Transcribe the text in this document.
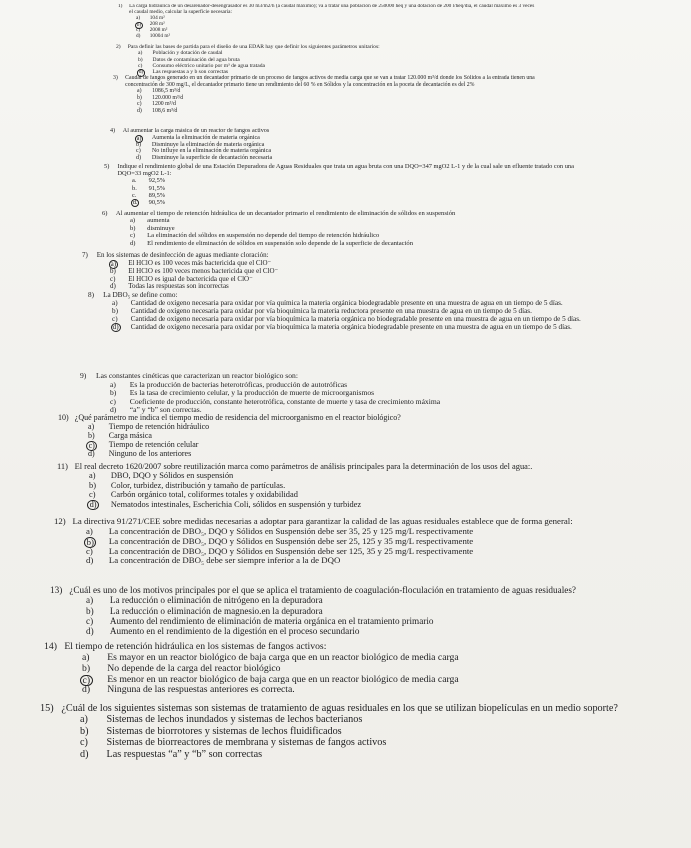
1) La carga hidráulica de un desarenador-desengrasador es 30 m3/m2/h (a caudal máximo); va a tratar una población de 250000 heq y una dotación de 200 l/heq/día, el caudal máximo es 3 veces el caudal medio, calcular la superficie necesaria:
a) 104 m²
b)	208 m²
c) 2008 m²
d) 10004 m²
2) Para definir las bases de partida para el diseño de una EDAR hay que definir los siguientes parámetros unitarios:
a) Población y dotación de caudal
b) Datos de contaminación del agua bruta
c) Consumo eléctrico unitario por m³ de agua tratada
d)	Las respuestas a y b son correctas
3) Caudal de fangos generado en un decantador primario de un proceso de fangos activos de media carga que se van a tratar 120.000 m³/d donde los Sólidos a la entrada tienen una concentración de 300 mg/L, el decantador primario tiene un rendimiento del 60 % en Sólidos y la concentración en la poceta de decantación es del 2%
a) 1086,5 m³/d
b) 120.000 m³/d
c) 1200 m³/d
d) 108,6 m³/d
4) Al aumentar la carga másica de un reactor de fangos activos
a)	Aumenta la eliminación de materia orgánica
b) Disminuye la eliminación de materia orgánica
c) No influye en la eliminación de materia orgánica
d) Disminuye la superficie de decantación necesaria
5) Indique el rendimiento global de una Estación Depuradora de Aguas Residuales que trata un agua bruta con una DQO=347 mgO2 L-1 y de la cual sale un efluente tratado con una DQO=33 mgO2 L-1:
a. 92,5%
b. 91,5%
c. 89,5%
d.	90,5%
6) Al aumentar el tiempo de retención hidráulica de un decantador primario el rendimiento de eliminación de sólidos en suspensión
a) aumenta
b) disminuye
c) La eliminación del sólidos en suspensión no depende del tiempo de retención hidráulico
d) El rendimiento de eliminación de sólidos en suspensión solo depende de la superficie de decantación
7) En los sistemas de desinfección de aguas mediante cloración:
a) El HClO es 100 veces más bactericida que el ClO⁻
b) El HClO es 100 veces menos bactericida que el ClO⁻
c) El HClO es igual de bactericida que el ClO⁻
d) Todas las respuestas son incorrectas
8) La DBO₅ se define como:
a) Cantidad de oxígeno necesaria para oxidar por vía química la materia orgánica biodegradable presente en una muestra de agua en un tiempo de 5 días.
b) Cantidad de oxígeno necesaria para oxidar por vía bioquímica la materia reductora presente en una muestra de agua en un tiempo de 5 días.
c) Cantidad de oxígeno necesaria para oxidar por vía bioquímica la materia orgánica no biodegradable presente en una muestra de agua en un tiempo de 5 días.
d) Cantidad de oxígeno necesaria para oxidar por vía bioquímica la materia orgánica biodegradable presente en una muestra de agua en un tiempo de 5 días.
9) Las constantes cinéticas que caracterizan un reactor biológico son:
a) Es la producción de bacterias heterotróficas, producción de autotróficas
b) Es la tasa de crecimiento celular, y la producción de muerte de microorganismos
c) Coeficiente de producción, constante heterotrófica, constante de muerte y tasa de crecimiento máxima
d) “a” y “b” son correctas.
10) ¿Qué parámetro me indica el tiempo medio de residencia del microorganismo en el reactor biológico?
a) Tiempo de retención hidráulico
b) Carga másica
c) Tiempo de retención celular
d) Ninguno de los anteriores
11) El real decreto 1620/2007 sobre reutilización marca como parámetros de análisis principales para la determinación de los usos del agua:.
a) DBO, DQO y Sólidos en suspensión
b) Color, turbidez, distribución y tamaño de partículas.
c) Carbón orgánico total, coliformes totales y oxidabilidad
d) Nematodos intestinales, Escherichia Coli, sólidos en suspensión y turbidez
12) La directiva 91/271/CEE sobre medidas necesarias a adoptar para garantizar la calidad de las aguas residuales establece que de forma general:
a) La concentración de DBO₅, DQO y Sólidos en Suspensión debe ser 35, 25 y 125 mg/L respectivamente
b) La concentración de DBO₅, DQO y Sólidos en Suspensión debe ser 25, 125 y 35 mg/L respectivamente
c) La concentración de DBO₅, DQO y Sólidos en Suspensión debe ser 125, 35 y 25 mg/L respectivamente
d) La concentración de DBO₅ debe ser siempre inferior a la de DQO
13) ¿Cuál es uno de los motivos principales por el que se aplica el tratamiento de coagulación-floculación en tratamiento de aguas residuales?
a) La reducción o eliminación de nitrógeno en la depuradora
b) La reducción o eliminación de magnesio.en la depuradora
c) Aumento del rendimiento de eliminación de materia orgánica en el tratamiento primario
d) Aumento en el rendimiento de la digestión en el proceso secundario
14) El tiempo de retención hidráulica en los sistemas de fangos activos:
a) Es mayor en un reactor biológico de baja carga que en un reactor biológico de media carga
b) No depende de la carga del reactor biológico
c) Es menor en un reactor biológico de baja carga que en un reactor biológico de media carga
d) Ninguna de las respuestas anteriores es correcta.
15) ¿Cuál de los siguientes sistemas son sistemas de tratamiento de aguas residuales en los que se utilizan biopelículas en un medio soporte?
a) Sistemas de lechos inundados y sistemas de lechos bacterianos
b) Sistemas de biorrotores y sistemas de lechos fluidificados
c) Sistemas de biorreactores de membrana y sistemas de fangos activos
d) Las respuestas “a” y “b” son correctas
